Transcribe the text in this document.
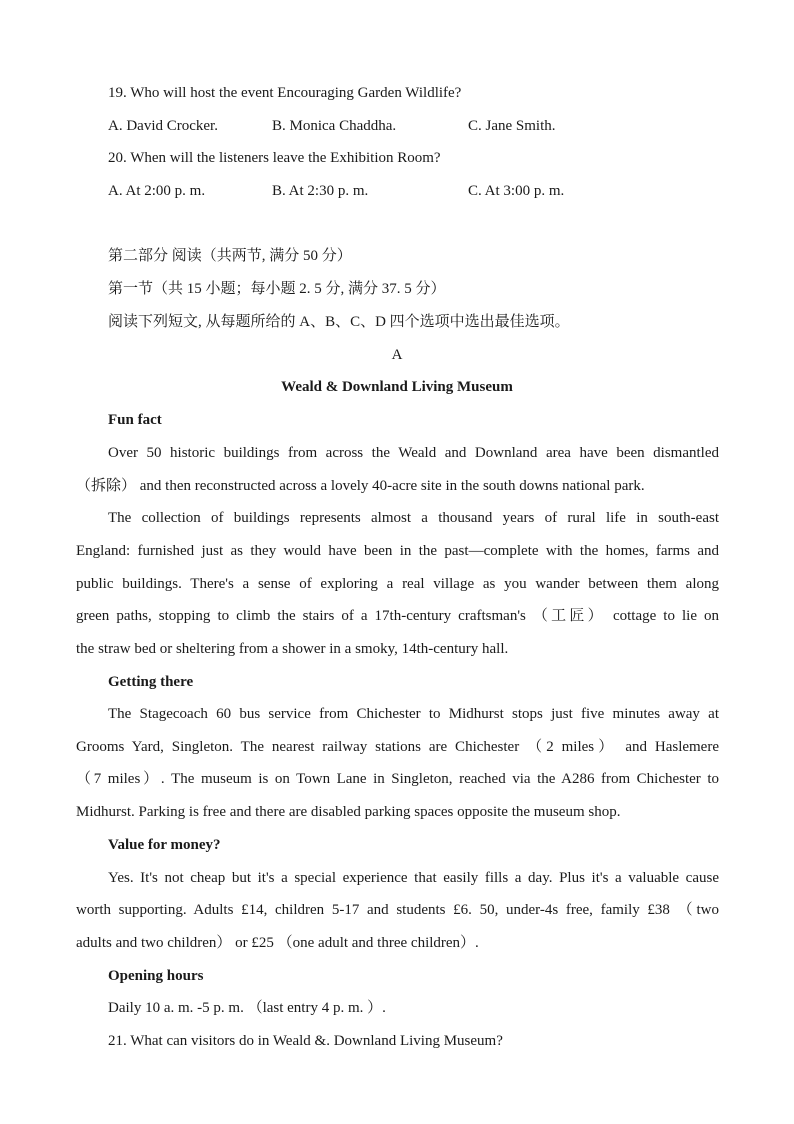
19. Who will host the event Encouraging Garden Wildlife?
A. David Crocker.	B. Monica Chaddha.	C. Jane Smith.
20. When will the listeners leave the Exhibition Room?
A. At 2:00 p. m.	B. At 2:30 p. m.	C. At 3:00 p. m.
第二部分 阅读（共两节, 满分 50 分）
第一节（共 15 小题；每小题 2. 5 分, 满分 37. 5 分）
阅读下列短文, 从每题所给的 A、B、C、D 四个选项中选出最佳选项。
A
Weald & Downland Living Museum
Fun fact
Over 50 historic buildings from across the Weald and Downland area have been dismantled
（拆除） and then reconstructed across a lovely 40-acre site in the south downs national park.
The collection of buildings represents almost a thousand years of rural life in south-east
England: furnished just as they would have been in the past—complete with the homes, farms and
public buildings. There's a sense of exploring a real village as you wander between them along
green paths, stopping to climb the stairs of a 17th-century craftsman's （工匠） cottage to lie on
the straw bed or sheltering from a shower in a smoky, 14th-century hall.
Getting there
The Stagecoach 60 bus service from Chichester to Midhurst stops just five minutes away at
Grooms Yard, Singleton. The nearest railway stations are Chichester （2 miles） and Haslemere
（7 miles）. The museum is on Town Lane in Singleton, reached via the A286 from Chichester to
Midhurst. Parking is free and there are disabled parking spaces opposite the museum shop.
Value for money?
Yes. It's not cheap but it's a special experience that easily fills a day. Plus it's a valuable cause
worth supporting. Adults £14, children 5-17 and students £6. 50, under-4s free, family £38 （two
adults and two children） or £25 （one adult and three children）.
Opening hours
Daily 10 a. m. -5 p. m. （last entry 4 p. m. ）.
21. What can visitors do in Weald &. Downland Living Museum?
